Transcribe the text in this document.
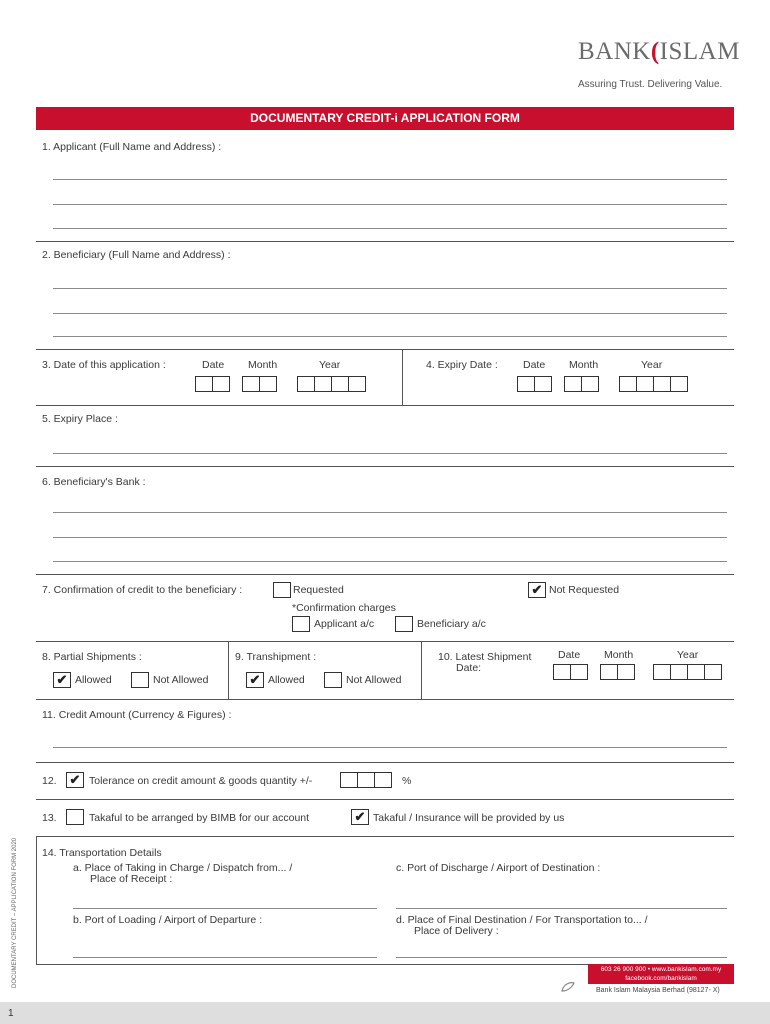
BANK(ISLAM
Assuring Trust. Delivering Value.
DOCUMENTARY CREDIT-i APPLICATION FORM
1. Applicant (Full Name and Address) :
2. Beneficiary (Full Name and Address) :
3. Date of this application :	Date Month	Year	4. Expiry Date : Date Month	Year
5. Expiry Place :
6. Beneficiary's Bank :
7. Confirmation of credit to the beneficiary :	Requested	✔ Not Requested
*Confirmation charges
Applicant a/c	Beneficiary a/c
8. Partial Shipments :
✔ Allowed	Not Allowed
9. Transhipment :
✔ Allowed	Not Allowed
10. Latest Shipment
Date:
Date Month	Year
11. Credit Amount (Currency & Figures) :
12. ✔ Tolerance on credit amount & goods quantity +/-	%
13.	Takaful to be arranged by BIMB for our account	✔ Takaful / Insurance will be provided by us
14. Transportation Details
a. Place of Taking in Charge / Dispatch from... /
Place of Receipt :
b. Port of Loading / Airport of Departure :
c. Port of Discharge / Airport of Destination :
d. Place of Final Destination / For Transportation to... /
Place of Delivery :
DOCUMENTARY CREDIT – APPLICATION FORM 2020	603 26 900 900 • www.bankislam.com.my
facebook.com/bankislam
Bank Islam Malaysia Berhad (98127- X)
1
